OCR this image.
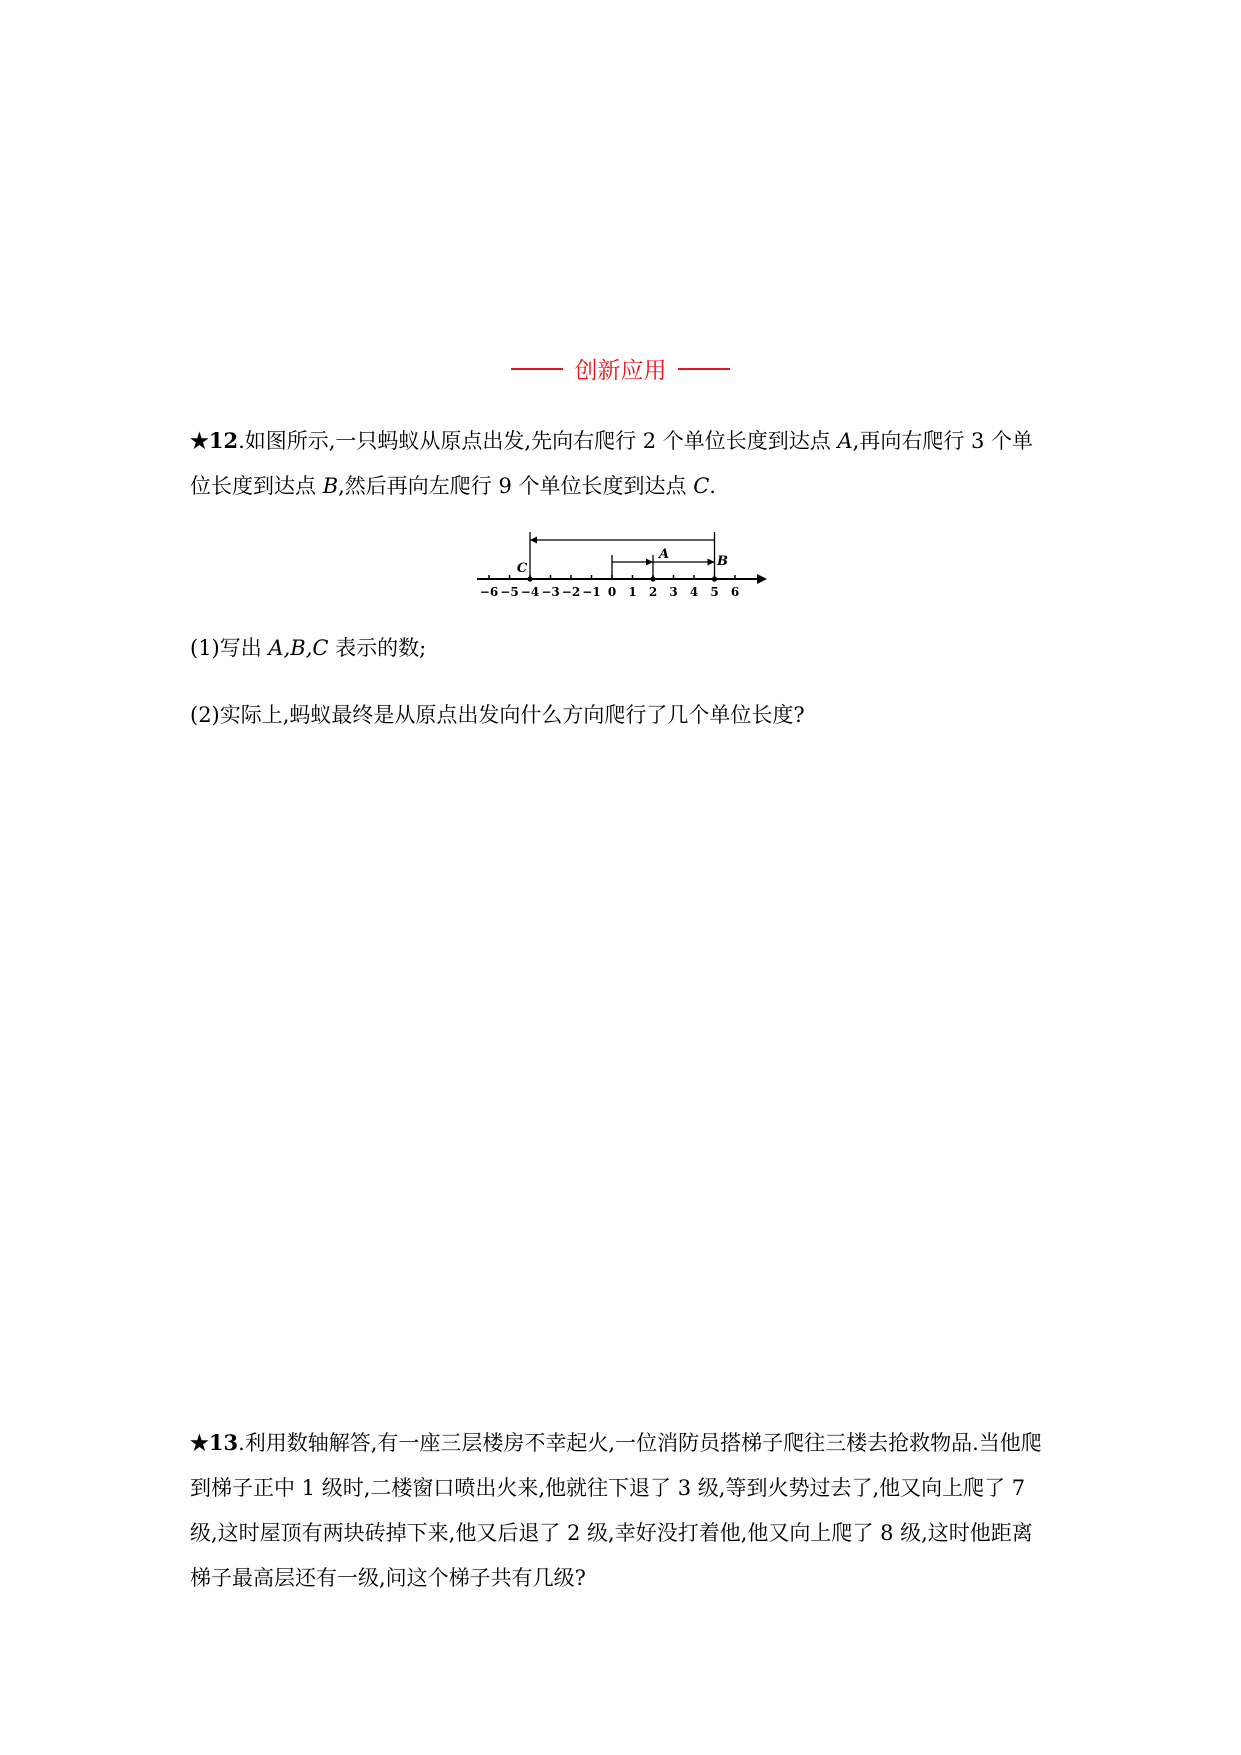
创新应用

★12.如图所示,一只蚂蚁从原点出发,先向右爬行 2 个单位长度到达点 A,再向右爬行 3 个单位长度到达点 B,然后再向左爬行 9 个单位长度到达点 C.

−6 −5 −4 −3 −2 −1 0 1 2 3 4 5 6
C
A	B

(1)写出 A,B,C 表示的数;

(2)实际上,蚂蚁最终是从原点出发向什么方向爬行了几个单位长度?

★13.利用数轴解答,有一座三层楼房不幸起火,一位消防员搭梯子爬往三楼去抢救物品.当他爬到梯子正中 1 级时,二楼窗口喷出火来,他就往下退了 3 级,等到火势过去了,他又向上爬了 7 级,这时屋顶有两块砖掉下来,他又后退了 2 级,幸好没打着他,他又向上爬了 8 级,这时他距离梯子最高层还有一级,问这个梯子共有几级?
